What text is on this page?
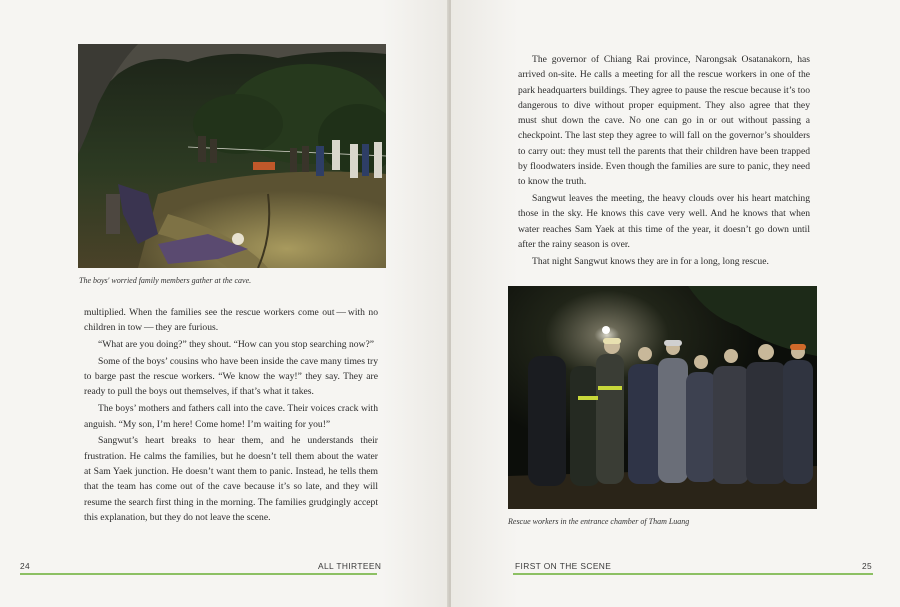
The boys' worried family members gather at the cave.

multiplied. When the families see the rescue workers come out — with no children in tow — they are furious.

“What are you doing?” they shout. “How can you stop searching now?”

Some of the boys’ cousins who have been inside the cave many times try to barge past the rescue workers. “We know the way!” they say. They are ready to pull the boys out themselves, if that’s what it takes.

The boys’ mothers and fathers call into the cave. Their voices crack with anguish. “My son, I’m here! Come home! I’m waiting for you!”

Sangwut’s heart breaks to hear them, and he understands their frustration. He calms the families, but he doesn’t tell them about the water at Sam Yaek junction. He doesn’t want them to panic. Instead, he tells them that the team has come out of the cave because it’s so late, and they will resume the search first thing in the morning. The families grudgingly accept this explanation, but they do not leave the scene.

24	ALL THIRTEEN

The governor of Chiang Rai province, Narongsak Osatanakorn, has arrived on-site. He calls a meeting for all the rescue workers in one of the park headquarters buildings. They agree to pause the rescue because it’s too dangerous to dive without proper equipment. They also agree that they must shut down the cave. No one can go in or out without passing a checkpoint. The last step they agree to will fall on the governor’s shoulders to carry out: they must tell the parents that their children have been trapped by floodwaters inside. Even though the families are sure to panic, they need to know the truth.

Sangwut leaves the meeting, the heavy clouds over his heart matching those in the sky. He knows this cave very well. And he knows that when water reaches Sam Yaek at this time of the year, it doesn’t go down until after the rainy season is over.

That night Sangwut knows they are in for a long, long rescue.

Rescue workers in the entrance chamber of Tham Luang
FIRST ON THE SCENE	25
